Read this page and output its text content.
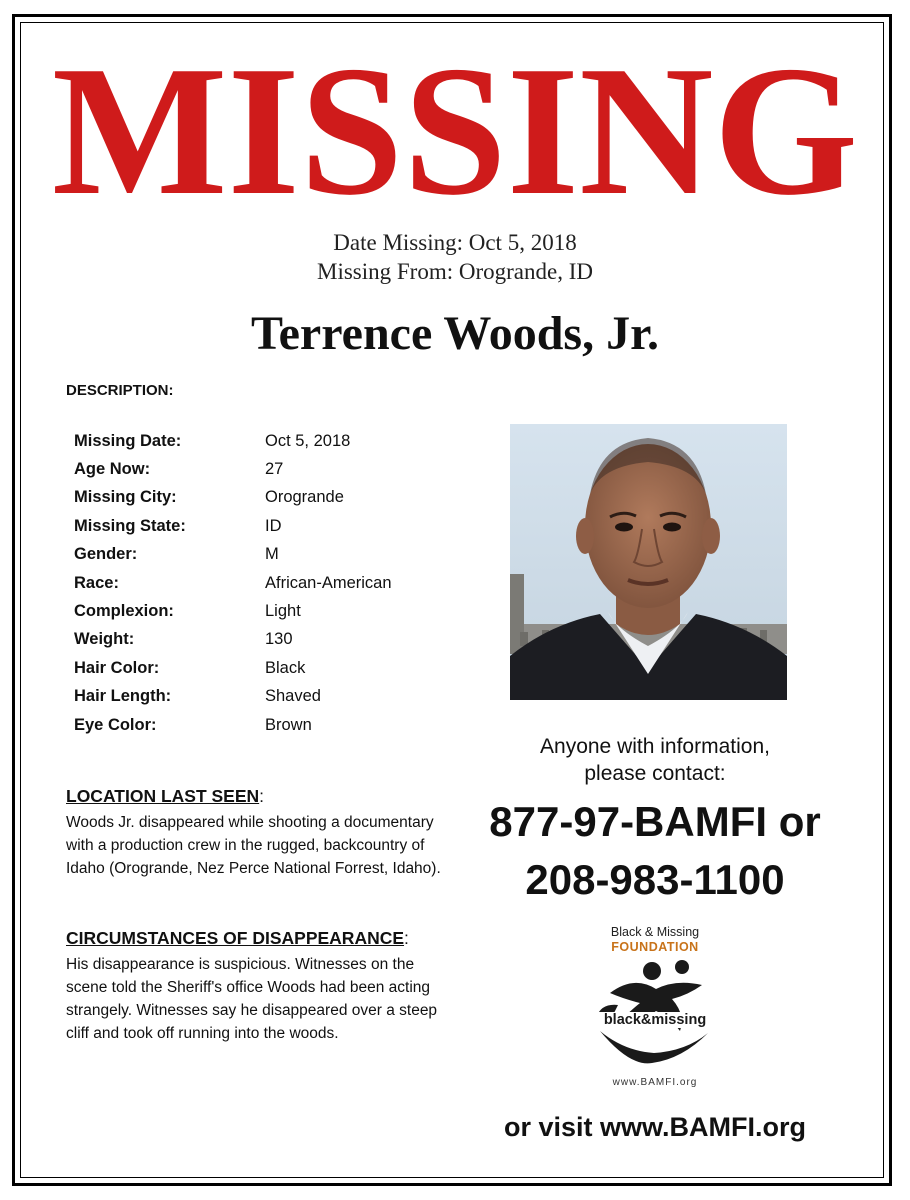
MISSING
Date Missing: Oct 5, 2018
Missing From: Orogrande, ID
Terrence Woods, Jr.
DESCRIPTION:
Missing Date:	Oct 5, 2018
Age Now:	27
Missing City:	Orogrande
Missing State:	ID
Gender:	M
Race:	African-American
Complexion:	Light
Weight:	130
Hair Color:	Black
Hair Length:	Shaved
Eye Color:	Brown
LOCATION LAST SEEN:
Woods Jr. disappeared while shooting a documentary with a production crew in the rugged, backcountry of Idaho (Orogrande, Nez Perce National Forrest, Idaho).
CIRCUMSTANCES OF DISAPPEARANCE:
His disappearance is suspicious. Witnesses on the scene told the Sheriff's office Woods had been acting strangely. Witnesses say he disappeared over a steep cliff and took off running into the woods.
Anyone with information,
please contact:
877-97-BAMFI or
208-983-1100
Black & Missing
FOUNDATION
black&missing
www.BAMFI.org
or visit www.BAMFI.org
